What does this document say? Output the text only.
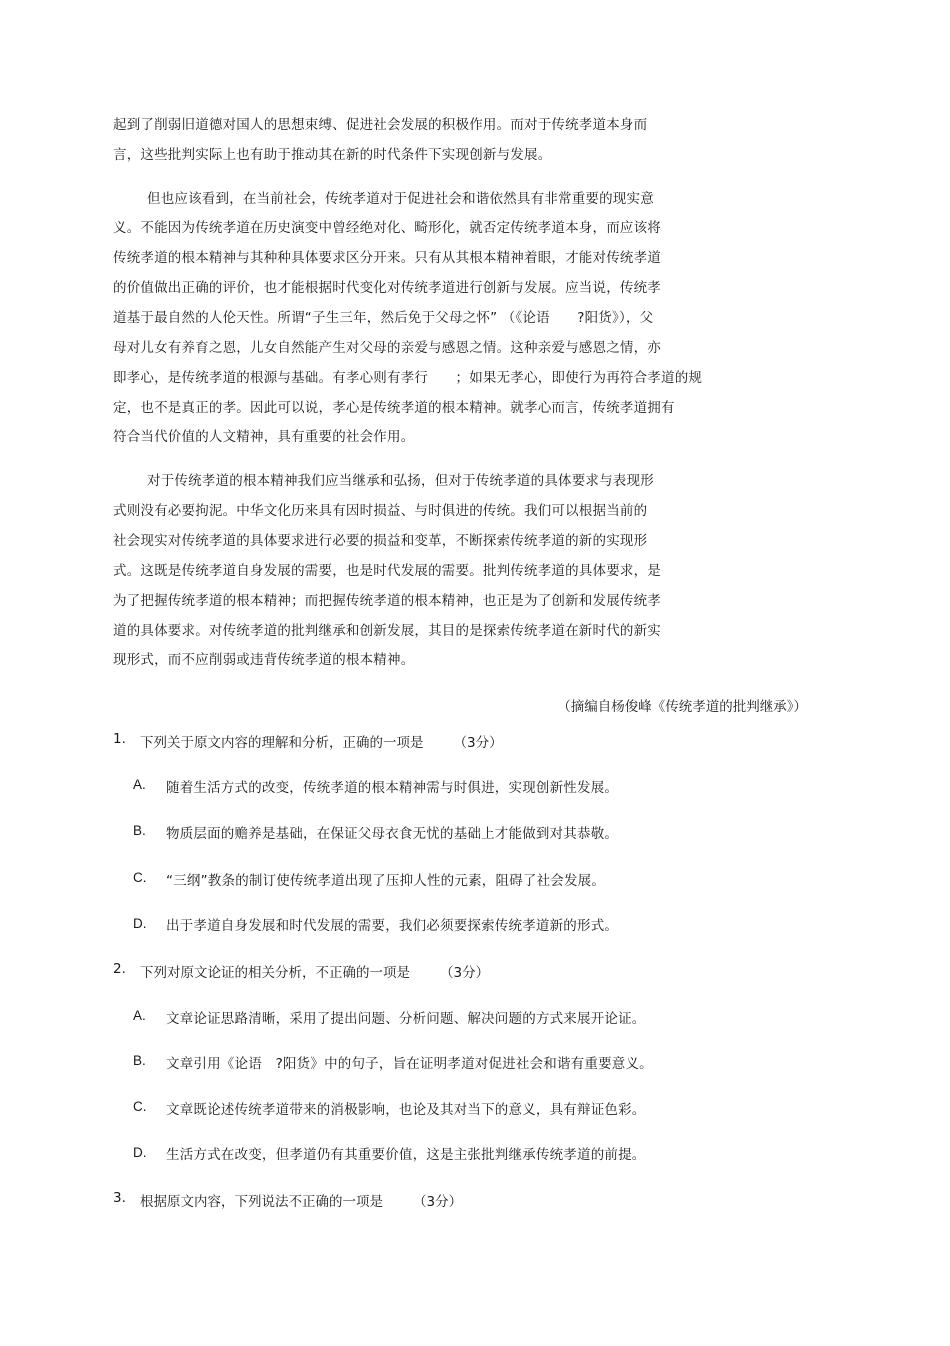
起到了削弱旧道德对国人的思想束缚、促进社会发展的积极作用。而对于传统孝道本身而
言，这些批判实际上也有助于推动其在新的时代条件下实现创新与发展。
但也应该看到，在当前社会，传统孝道对于促进社会和谐依然具有非常重要的现实意
义。不能因为传统孝道在历史演变中曾经绝对化、畸形化，就否定传统孝道本身，而应该将
传统孝道的根本精神与其种种具体要求区分开来。只有从其根本精神着眼，才能对传统孝道
的价值做出正确的评价，也才能根据时代变化对传统孝道进行创新与发展。应当说，传统孝
道基于最自然的人伦天性。所谓“子生三年，然后免于父母之怀” （《论语　　?阳货》），父
母对儿女有养育之恩，儿女自然能产生对父母的亲爱与感恩之情。这种亲爱与感恩之情，亦
即孝心，是传统孝道的根源与基础。有孝心则有孝行　　；如果无孝心，即使行为再符合孝道的规
定，也不是真正的孝。因此可以说，孝心是传统孝道的根本精神。就孝心而言，传统孝道拥有
符合当代价值的人文精神，具有重要的社会作用。
对于传统孝道的根本精神我们应当继承和弘扬，但对于传统孝道的具体要求与表现形
式则没有必要拘泥。中华文化历来具有因时损益、与时俱进的传统。我们可以根据当前的
社会现实对传统孝道的具体要求进行必要的损益和变革，不断探索传统孝道的新的实现形
式。这既是传统孝道自身发展的需要，也是时代发展的需要。批判传统孝道的具体要求，是
为了把握传统孝道的根本精神；而把握传统孝道的根本精神，也正是为了创新和发展传统孝
道的具体要求。对传统孝道的批判继承和创新发展，其目的是探索传统孝道在新时代的新实
现形式，而不应削弱或违背传统孝道的根本精神。
（摘编自杨俊峰《传统孝道的批判继承》）
1. 下列关于原文内容的理解和分析，正确的一项是 （3分）
A. 随着生活方式的改变，传统孝道的根本精神需与时俱进，实现创新性发展。
B. 物质层面的赡养是基础，在保证父母衣食无忧的基础上才能做到对其恭敬。
C. “三纲”教条的制订使传统孝道出现了压抑人性的元素，阻碍了社会发展。
D. 出于孝道自身发展和时代发展的需要，我们必须要探索传统孝道新的形式。
2. 下列对原文论证的相关分析，不正确的一项是 （3分）
A. 文章论证思路清晰，采用了提出问题、分析问题、解决问题的方式来展开论证。
B. 文章引用《论语　?阳货》中的句子，旨在证明孝道对促进社会和谐有重要意义。
C. 文章既论述传统孝道带来的消极影响，也论及其对当下的意义，具有辩证色彩。
D. 生活方式在改变，但孝道仍有其重要价值，这是主张批判继承传统孝道的前提。
3. 根据原文内容，下列说法不正确的一项是 （3分）
